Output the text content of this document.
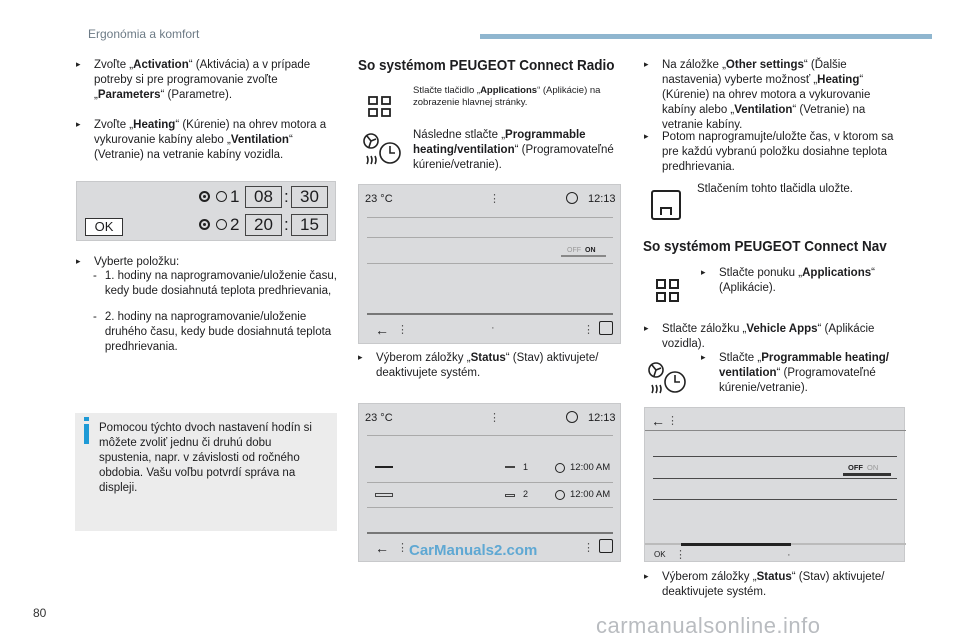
Ergonómia a komfort
80	carmanualsonline.info
▸	Zvoľte „Activation“ (Aktivácia) a v prípade potreby si pre programovanie zvoľte „Parameters“ (Parametre).
▸	Zvoľte „Heating“ (Kúrenie) na ohrev motora a vykurovanie kabíny alebo „Ventilation“ (Vetranie) na vetranie kabíny vozidla.
OK
1 08 : 30
2 20 : 15
▸	Vyberte položku:
- 1. hodiny na naprogramovanie/uloženie času, kedy bude dosiahnutá teplota predhrievania,
- 2. hodiny na naprogramovanie/uloženie druhého času, kedy bude dosiahnutá teplota predhrievania.
Pomocou týchto dvoch nastavení hodín si môžete zvoliť jednu či druhú dobu spustenia, napr. v závislosti od ročného obdobia. Vašu voľbu potvrdí správa na displeji.
So systémom PEUGEOT Connect Radio
Stlačte tlačidlo „Applications“ (Aplikácie) na zobrazenie hlavnej stránky.
Následne stlačte „Programmable heating/ventilation“ (Programovateľné kúrenie/vetranie).
23 °C	⋮	12:13
OFF ON
← ⋮	·	⋮
▸	Výberom záložky „Status“ (Stav) aktivujete/ deaktivujete systém.
23 °C	⋮	12:13
1	12:00 AM
2	12:00 AM
← ⋮ CarManuals2.com	⋮
▸	Na záložke „Other settings“ (Ďalšie nastavenia) vyberte možnosť „Heating“ (Kúrenie) na ohrev motora a vykurovanie kabíny alebo „Ventilation“ (Vetranie) na vetranie kabíny.
▸	Potom naprogramujte/uložte čas, v ktorom sa pre každú vybranú položku dosiahne teplota predhrievania.
Stlačením tohto tlačidla uložte.
So systémom PEUGEOT Connect Nav
▸	Stlačte ponuku „Applications“ (Aplikácie).
▸	Stlačte záložku „Vehicle Apps“ (Aplikácie vozidla).
▸	Stlačte „Programmable heating/ ventilation“ (Programovateľné kúrenie/vetranie).
← ⋮
OFF ON
OK ⋮	·
▸	Výberom záložky „Status“ (Stav) aktivujete/ deaktivujete systém.
